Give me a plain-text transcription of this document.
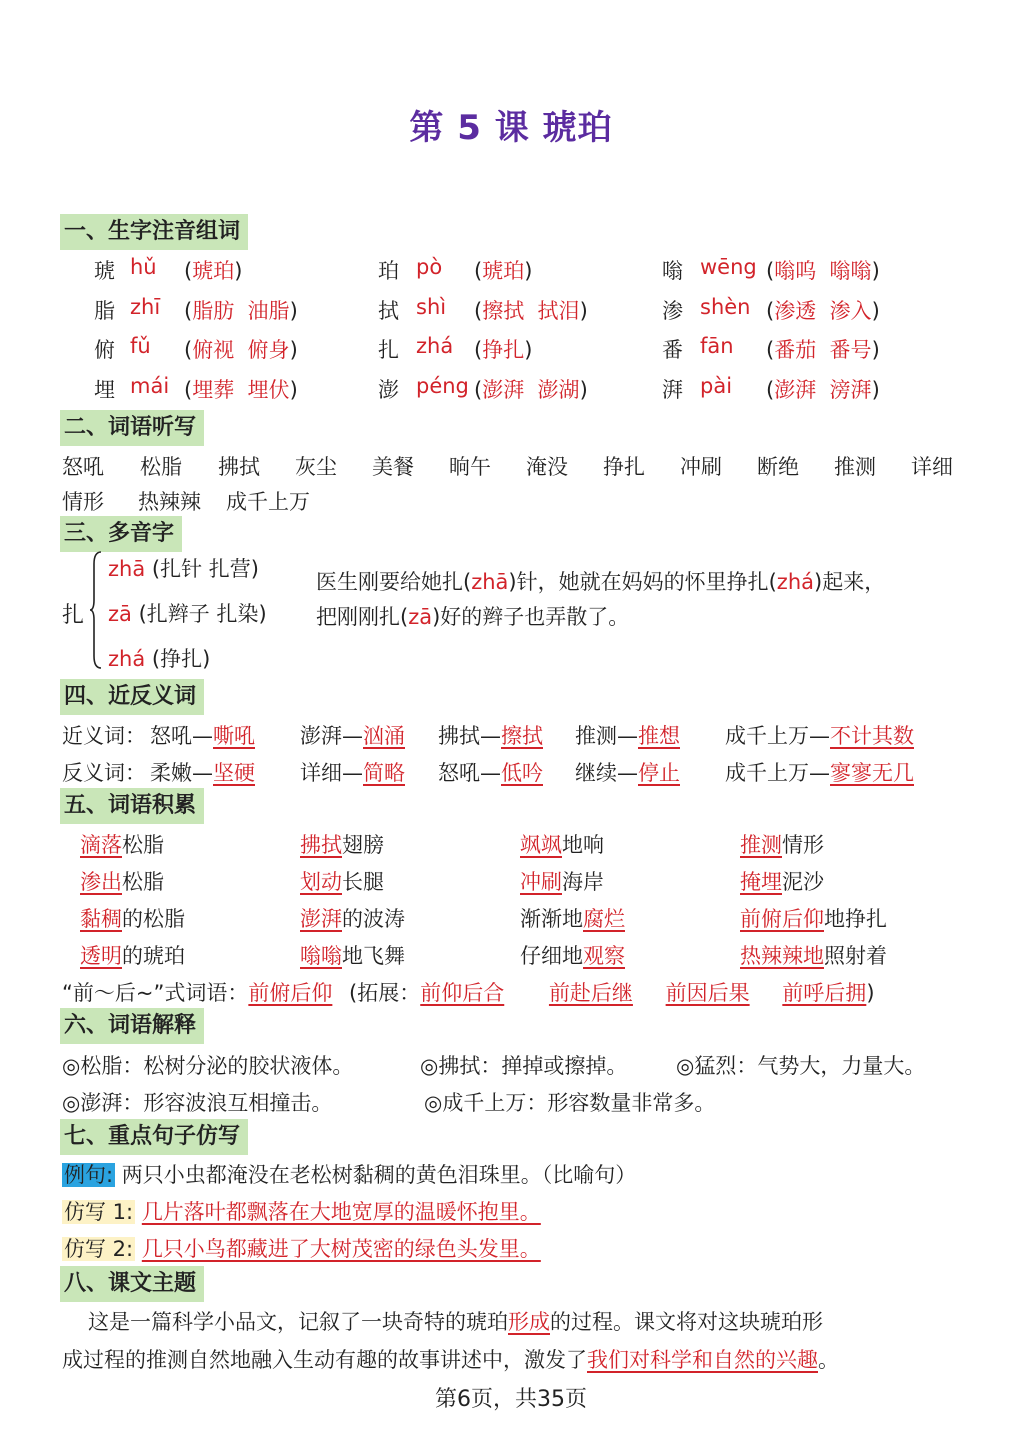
第 5 课 琥珀
一、生字注音组词
琥 hǔ (琥珀)	珀 pò (琥珀)	嗡 wēng (嗡呜  嗡嗡)
脂 zhī (脂肪  油脂)	拭 shì (擦拭  拭泪)	渗 shèn (渗透  渗入)
俯 fǔ (俯视  俯身)	扎 zhá (挣扎)	番 fān (番茄  番号)
埋 mái (埋葬  埋伏)	澎 péng (澎湃  澎湖)	湃 pài (澎湃  滂湃)
二、词语听写
怒吼 松脂 拂拭 灰尘 美餐 晌午 淹没 挣扎 冲刷 断绝 推测 详细
情形 热辣辣 成千上万
三、多音字
扎
zhā (扎针 扎营)
zā (扎辫子 扎染)
zhá (挣扎)
医生刚要给她扎(zhā)针，她就在妈妈的怀里挣扎(zhá)起来，
把刚刚扎(zā)好的辫子也弄散了。
四、近反义词
近义词： 怒吼—嘶吼 澎湃—汹涌 拂拭—擦拭 推测—推想 成千上万—不计其数
反义词： 柔嫩—坚硬 详细—简略 怒吼—低吟 继续—停止 成千上万—寥寥无几
五、词语积累
滴落松脂	拂拭翅膀	飒飒地响	推测情形
渗出松脂	划动长腿	冲刷海岸	掩埋泥沙
黏稠的松脂	澎湃的波涛	渐渐地腐烂	前俯后仰地挣扎
透明的琥珀	嗡嗡地飞舞	仔细地观察	热辣辣地照射着
“前～后~”式词语：前俯后仰 (拓展：前仰后合 前赴后继 前因后果 前呼后拥)
六、词语解释
◎松脂：松树分泌的胶状液体。	◎拂拭：掸掉或擦掉。 ◎猛烈：气势大，力量大。
◎澎湃：形容波浪互相撞击。	◎成千上万：形容数量非常多。
七、重点句子仿写
例句: 两只小虫都淹没在老松树黏稠的黄色泪珠里。（比喻句）
仿写 1: 几片落叶都飘落在大地宽厚的温暖怀抱里。
仿写 2: 几只小鸟都藏进了大树茂密的绿色头发里。
八、课文主题
这是一篇科学小品文，记叙了一块奇特的琥珀形成的过程。课文将对这块琥珀形
成过程的推测自然地融入生动有趣的故事讲述中，激发了我们对科学和自然的兴趣。
第6页，共35页
